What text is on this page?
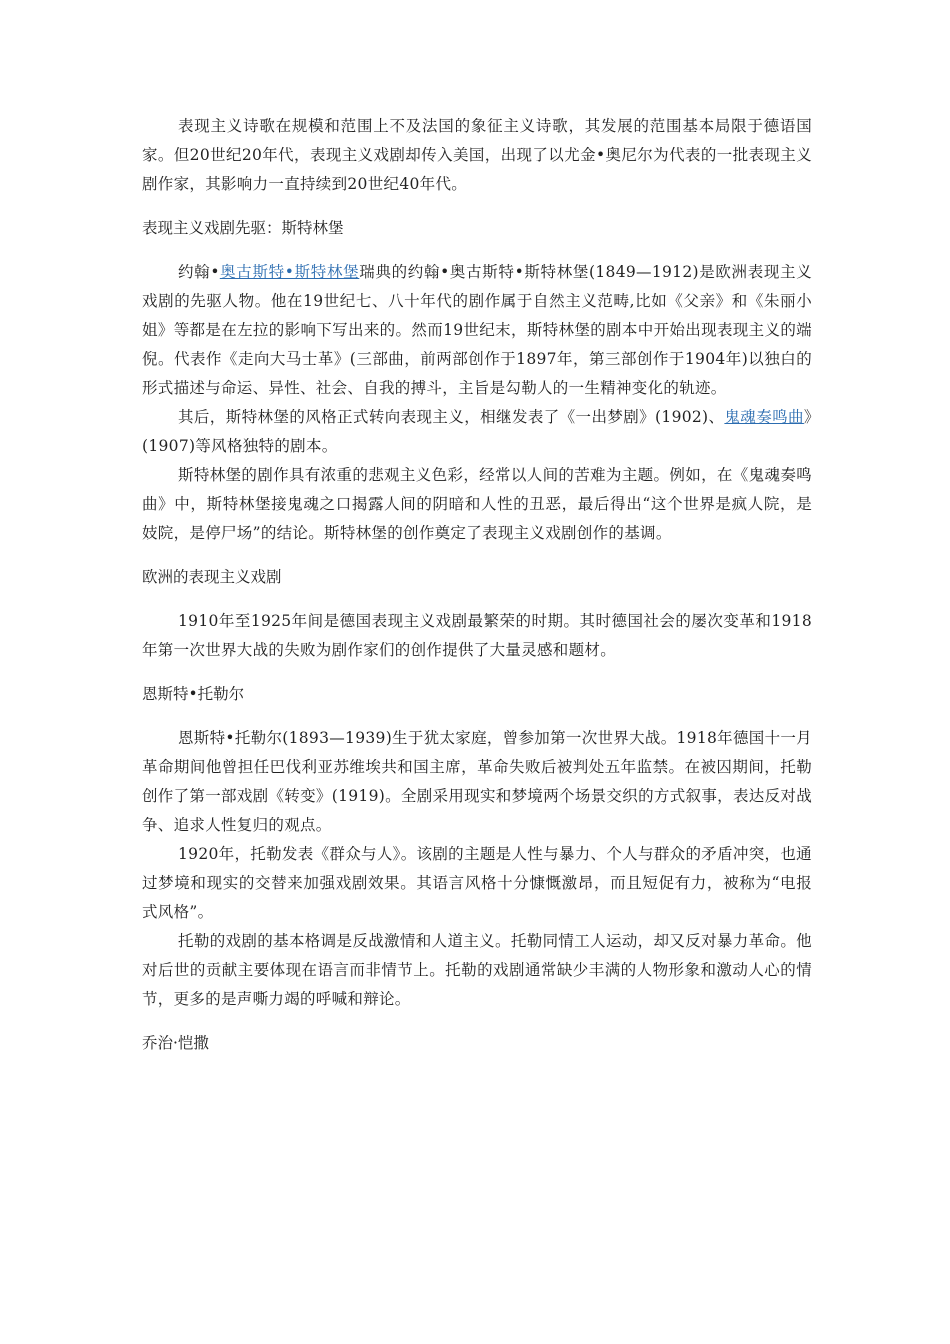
表现主义诗歌在规模和范围上不及法国的象征主义诗歌，其发展的范围基本局限于德语国家。但20世纪20年代，表现主义戏剧却传入美国，出现了以尤金•奥尼尔为代表的一批表现主义剧作家，其影响力一直持续到20世纪40年代。

表现主义戏剧先驱：斯特林堡

约翰•奥古斯特•斯特林堡瑞典的约翰•奥古斯特•斯特林堡(1849—1912)是欧洲表现主义戏剧的先驱人物。他在19世纪七、八十年代的剧作属于自然主义范畴,比如《父亲》和《朱丽小姐》等都是在左拉的影响下写出来的。然而19世纪末，斯特林堡的剧本中开始出现表现主义的端倪。代表作《走向大马士革》(三部曲，前两部创作于1897年，第三部创作于1904年)以独白的形式描述与命运、异性、社会、自我的搏斗，主旨是勾勒人的一生精神变化的轨迹。

其后，斯特林堡的风格正式转向表现主义，相继发表了《一出梦剧》(1902)、鬼魂奏鸣曲》(1907)等风格独特的剧本。

斯特林堡的剧作具有浓重的悲观主义色彩，经常以人间的苦难为主题。例如，在《鬼魂奏鸣曲》中，斯特林堡接鬼魂之口揭露人间的阴暗和人性的丑恶，最后得出“这个世界是疯人院，是妓院，是停尸场”的结论。斯特林堡的创作奠定了表现主义戏剧创作的基调。

欧洲的表现主义戏剧

1910年至1925年间是德国表现主义戏剧最繁荣的时期。其时德国社会的屡次变革和1918年第一次世界大战的失败为剧作家们的创作提供了大量灵感和题材。

恩斯特•托勒尔

恩斯特•托勒尔(1893—1939)生于犹太家庭，曾参加第一次世界大战。1918年德国十一月革命期间他曾担任巴伐利亚苏维埃共和国主席，革命失败后被判处五年监禁。在被囚期间，托勒创作了第一部戏剧《转变》(1919)。全剧采用现实和梦境两个场景交织的方式叙事，表达反对战争、追求人性复归的观点。

1920年，托勒发表《群众与人》。该剧的主题是人性与暴力、个人与群众的矛盾冲突，也通过梦境和现实的交替来加强戏剧效果。其语言风格十分慷慨激昂，而且短促有力，被称为“电报式风格”。

托勒的戏剧的基本格调是反战激情和人道主义。托勒同情工人运动，却又反对暴力革命。他对后世的贡献主要体现在语言而非情节上。托勒的戏剧通常缺少丰满的人物形象和激动人心的情节，更多的是声嘶力竭的呼喊和辩论。

乔治·恺撒
